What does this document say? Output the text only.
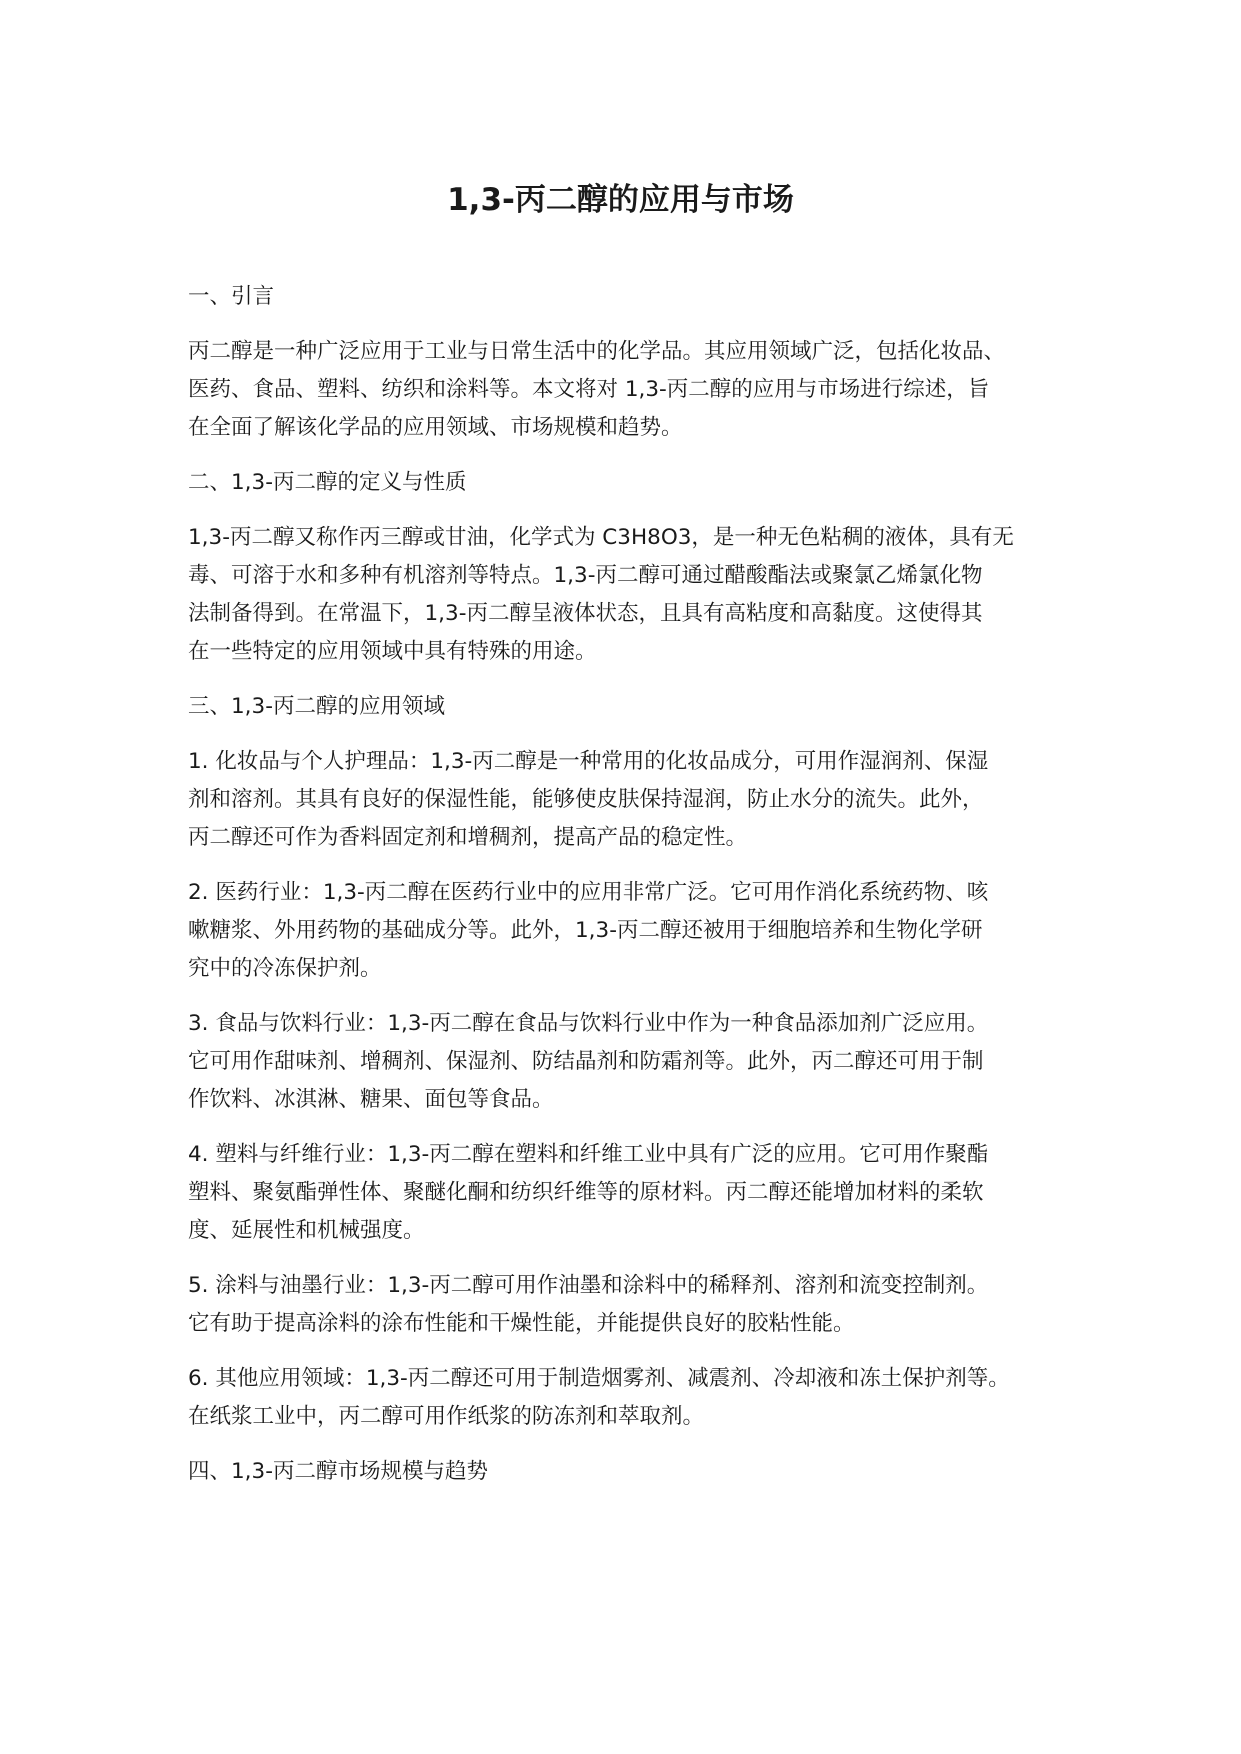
1,3-丙二醇的应用与市场

一、引言

丙二醇是一种广泛应用于工业与日常生活中的化学品。其应用领域广泛，包括化妆品、
医药、食品、塑料、纺织和涂料等。本文将对 1,3-丙二醇的应用与市场进行综述，旨
在全面了解该化学品的应用领域、市场规模和趋势。

二、1,3-丙二醇的定义与性质

1,3-丙二醇又称作丙三醇或甘油，化学式为 C3H8O3，是一种无色粘稠的液体，具有无
毒、可溶于水和多种有机溶剂等特点。1,3-丙二醇可通过醋酸酯法或聚氯乙烯氯化物
法制备得到。在常温下，1,3-丙二醇呈液体状态，且具有高粘度和高黏度。这使得其
在一些特定的应用领域中具有特殊的用途。

三、1,3-丙二醇的应用领域

1. 化妆品与个人护理品：1,3-丙二醇是一种常用的化妆品成分，可用作湿润剂、保湿
剂和溶剂。其具有良好的保湿性能，能够使皮肤保持湿润，防止水分的流失。此外，
丙二醇还可作为香料固定剂和增稠剂，提高产品的稳定性。

2. 医药行业：1,3-丙二醇在医药行业中的应用非常广泛。它可用作消化系统药物、咳
嗽糖浆、外用药物的基础成分等。此外，1,3-丙二醇还被用于细胞培养和生物化学研
究中的冷冻保护剂。

3. 食品与饮料行业：1,3-丙二醇在食品与饮料行业中作为一种食品添加剂广泛应用。
它可用作甜味剂、增稠剂、保湿剂、防结晶剂和防霜剂等。此外，丙二醇还可用于制
作饮料、冰淇淋、糖果、面包等食品。

4. 塑料与纤维行业：1,3-丙二醇在塑料和纤维工业中具有广泛的应用。它可用作聚酯
塑料、聚氨酯弹性体、聚醚化酮和纺织纤维等的原材料。丙二醇还能增加材料的柔软
度、延展性和机械强度。

5. 涂料与油墨行业：1,3-丙二醇可用作油墨和涂料中的稀释剂、溶剂和流变控制剂。
它有助于提高涂料的涂布性能和干燥性能，并能提供良好的胶粘性能。

6. 其他应用领域：1,3-丙二醇还可用于制造烟雾剂、减震剂、冷却液和冻土保护剂等。
在纸浆工业中，丙二醇可用作纸浆的防冻剂和萃取剂。

四、1,3-丙二醇市场规模与趋势
